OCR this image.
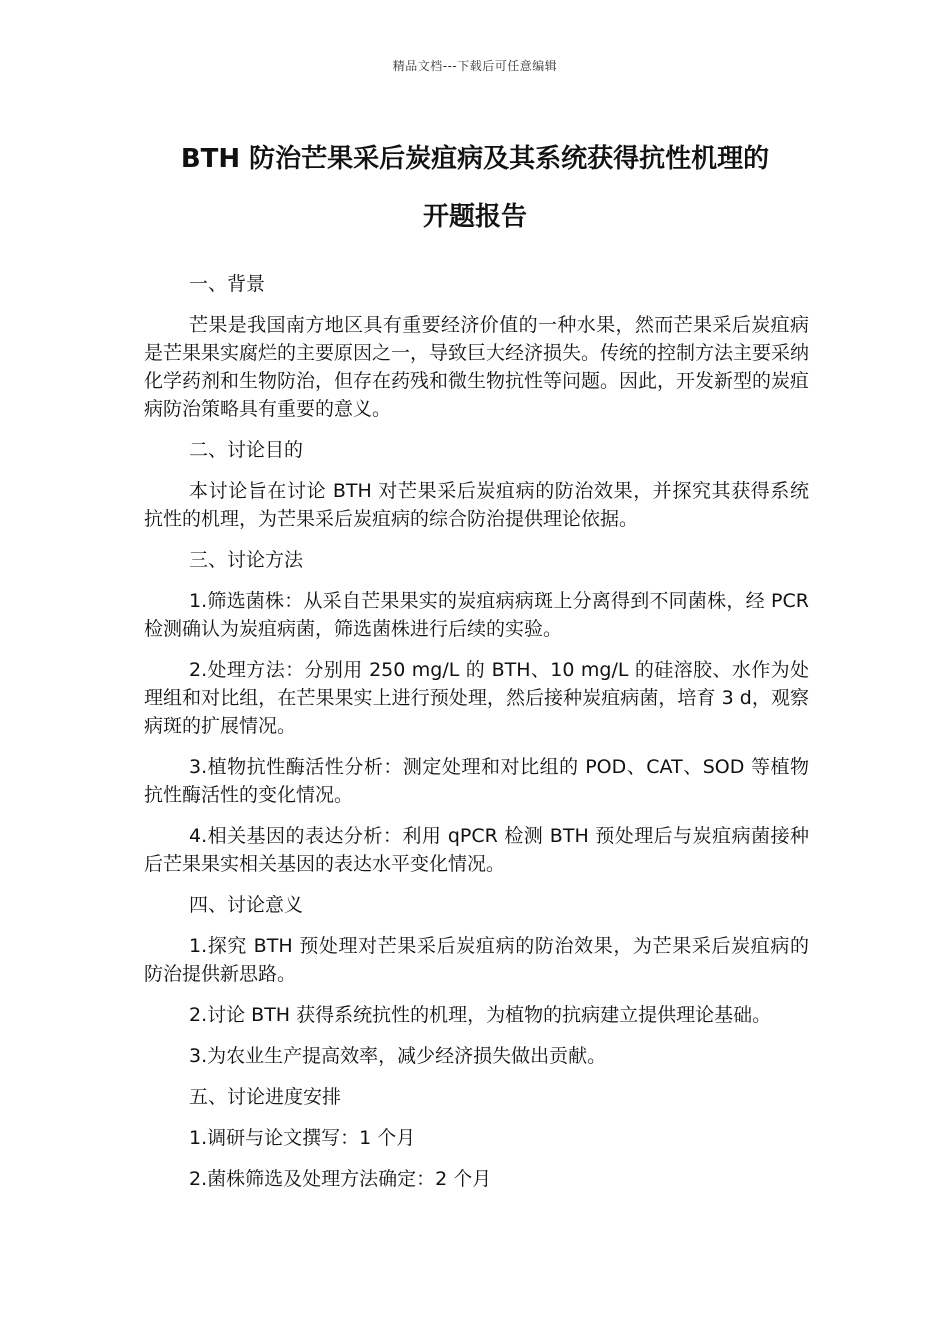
精品文档---下载后可任意编辑
BTH 防治芒果采后炭疽病及其系统获得抗性机理的
开题报告

一、背景

芒果是我国南方地区具有重要经济价值的一种水果，然而芒果采后炭疽病是芒果果实腐烂的主要原因之一，导致巨大经济损失。传统的控制方法主要采纳化学药剂和生物防治，但存在药残和微生物抗性等问题。因此，开发新型的炭疽病防治策略具有重要的意义。

二、讨论目的

本讨论旨在讨论 BTH 对芒果采后炭疽病的防治效果，并探究其获得系统抗性的机理，为芒果采后炭疽病的综合防治提供理论依据。

三、讨论方法

1.筛选菌株：从采自芒果果实的炭疽病病斑上分离得到不同菌株，经 PCR 检测确认为炭疽病菌，筛选菌株进行后续的实验。

2.处理方法：分别用 250 mg/L 的 BTH、10 mg/L 的硅溶胶、水作为处理组和对比组，在芒果果实上进行预处理，然后接种炭疽病菌，培育 3 d，观察病斑的扩展情况。

3.植物抗性酶活性分析：测定处理和对比组的 POD、CAT、SOD 等植物抗性酶活性的变化情况。

4.相关基因的表达分析：利用 qPCR 检测 BTH 预处理后与炭疽病菌接种后芒果果实相关基因的表达水平变化情况。

四、讨论意义

1.探究 BTH 预处理对芒果采后炭疽病的防治效果，为芒果采后炭疽病的防治提供新思路。

2.讨论 BTH 获得系统抗性的机理，为植物的抗病建立提供理论基础。

3.为农业生产提高效率，减少经济损失做出贡献。

五、讨论进度安排

1.调研与论文撰写：1 个月

2.菌株筛选及处理方法确定：2 个月
